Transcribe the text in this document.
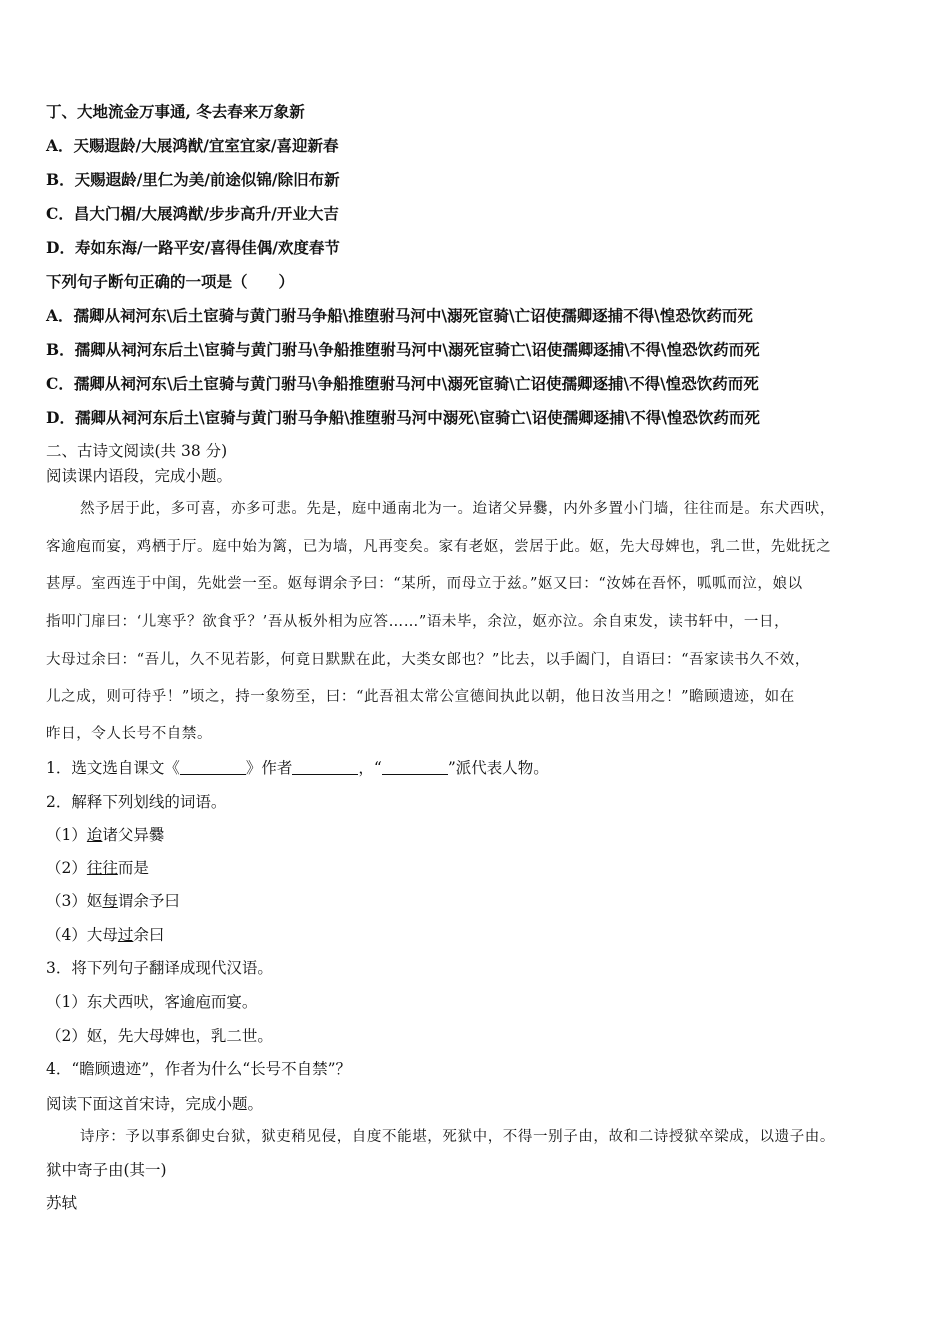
丁、大地流金万事通, 冬去春来万象新
A．天赐遐龄/大展鸿猷/宜室宜家/喜迎新春
B．天赐遐龄/里仁为美/前途似锦/除旧布新
C．昌大门楣/大展鸿猷/步步高升/开业大吉
D．寿如东海/一路平安/喜得佳偶/欢度春节
下列句子断句正确的一项是（　　）
A．孺卿从祠河东\后土宦骑与黄门驸马争船\推堕驸马河中\溺死宦骑\亡诏使孺卿逐捕不得\惶恐饮药而死
B．孺卿从祠河东后土\宦骑与黄门驸马\争船推堕驸马河中\溺死宦骑亡\诏使孺卿逐捕\不得\惶恐饮药而死
C．孺卿从祠河东\后土宦骑与黄门驸马\争船推堕驸马河中\溺死宦骑\亡诏使孺卿逐捕\不得\惶恐饮药而死
D．孺卿从祠河东后土\宦骑与黄门驸马争船\推堕驸马河中溺死\宦骑亡\诏使孺卿逐捕\不得\惶恐饮药而死
二、古诗文阅读(共 38 分)
阅读课内语段，完成小题。
然予居于此，多可喜，亦多可悲。先是，庭中通南北为一。迨诸父异爨，内外多置小门墙，往往而是。东犬西吠，
客逾庖而宴，鸡栖于厅。庭中始为篱，已为墙，凡再变矣。家有老妪，尝居于此。妪，先大母婢也，乳二世，先妣抚之
甚厚。室西连于中闺，先妣尝一至。妪每谓余予曰：“某所，而母立于兹。”妪又曰：“汝姊在吾怀，呱呱而泣，娘以
指叩门扉曰：‘儿寒乎？欲食乎？’吾从板外相为应答……”语未毕，余泣，妪亦泣。余自束发，读书轩中，一日，
大母过余曰：“吾儿，久不见若影，何竟日默默在此，大类女郎也？”比去，以手阖门，自语曰：“吾家读书久不效，
儿之成，则可待乎！”顷之，持一象笏至，曰：“此吾祖太常公宣德间执此以朝，他日汝当用之！”瞻顾遗迹，如在
昨日，令人长号不自禁。
1．选文选自课文《	》作者	，“	”派代表人物。
2．解释下列划线的词语。
（1）迨诸父异爨
（2）往往而是
（3）妪每谓余予曰
（4）大母过余曰
3．将下列句子翻译成现代汉语。
（1）东犬西吠，客逾庖而宴。
（2）妪，先大母婢也，乳二世。
4．“瞻顾遗迹”，作者为什么“长号不自禁”？
阅读下面这首宋诗，完成小题。
诗序：予以事系御史台狱，狱吏稍见侵，自度不能堪，死狱中，不得一别子由，故和二诗授狱卒梁成，以遗子由。
狱中寄子由(其一)
苏轼
